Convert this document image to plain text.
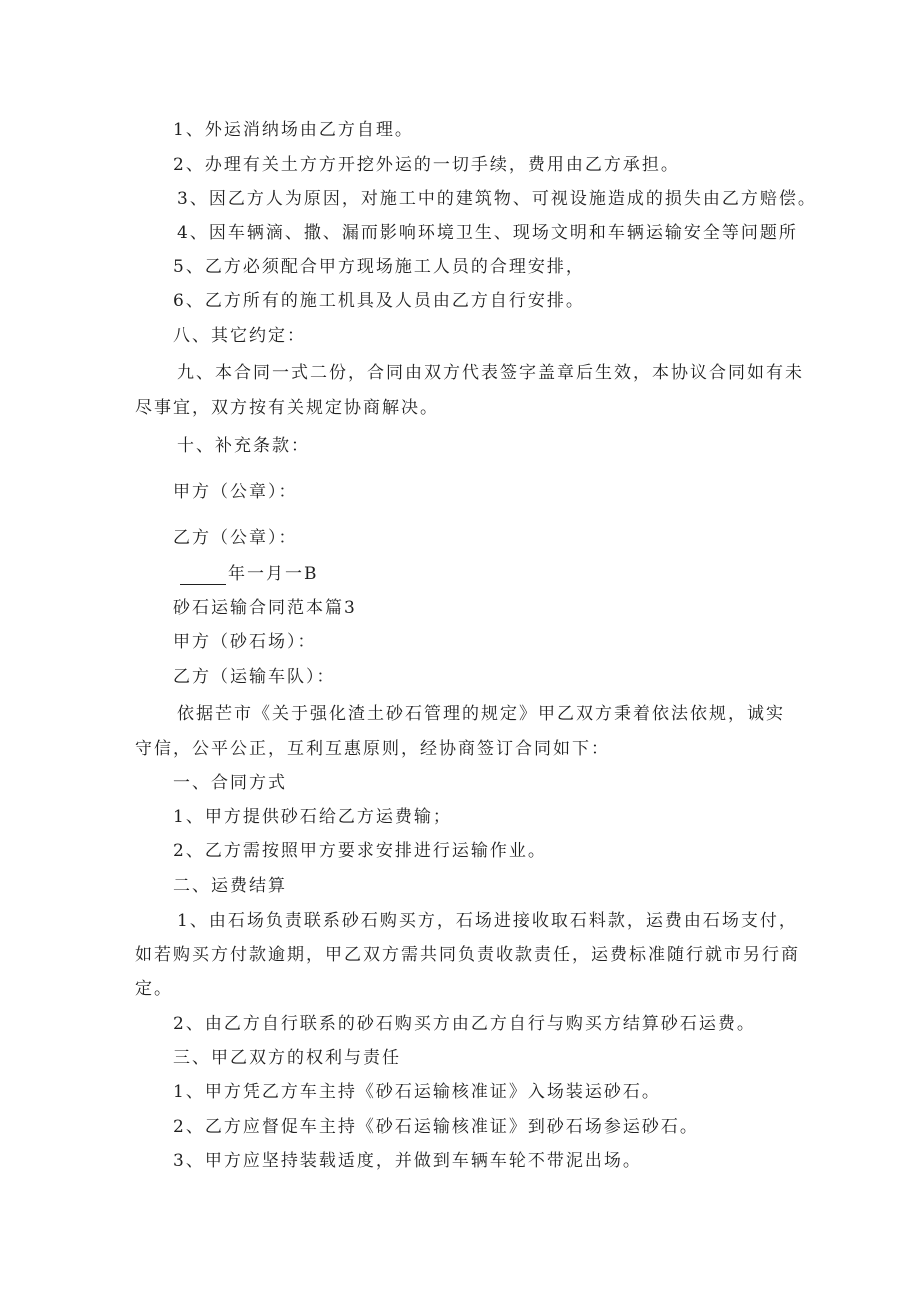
1、外运消纳场由乙方自理。

2、办理有关土方方开挖外运的一切手续，费用由乙方承担。

3、因乙方人为原因，对施工中的建筑物、可视设施造成的损失由乙方赔偿。

4、因车辆滴、撒、漏而影响环境卫生、现场文明和车辆运输安全等问题所

5、乙方必须配合甲方现场施工人员的合理安排，

6、乙方所有的施工机具及人员由乙方自行安排。

八、其它约定：

九、本合同一式二份，合同由双方代表签字盖章后生效，本协议合同如有未

尽事宜，双方按有关规定协商解决。

十、补充条款：

甲方（公章）：

乙方（公章）：

年一月一B

砂石运输合同范本篇3

甲方（砂石场）：

乙方（运输车队）：

依据芒市《关于强化渣土砂石管理的规定》甲乙双方秉着依法依规，诚实

守信，公平公正，互利互惠原则，经协商签订合同如下：

一、合同方式

1、甲方提供砂石给乙方运费输；

2、乙方需按照甲方要求安排进行运输作业。

二、运费结算

1、由石场负责联系砂石购买方，石场进接收取石料款，运费由石场支付，

如若购买方付款逾期，甲乙双方需共同负责收款责任，运费标准随行就市另行商

定。

2、由乙方自行联系的砂石购买方由乙方自行与购买方结算砂石运费。

三、甲乙双方的权利与责任

1、甲方凭乙方车主持《砂石运输核准证》入场装运砂石。

2、乙方应督促车主持《砂石运输核准证》到砂石场参运砂石。

3、甲方应坚持装载适度，并做到车辆车轮不带泥出场。
